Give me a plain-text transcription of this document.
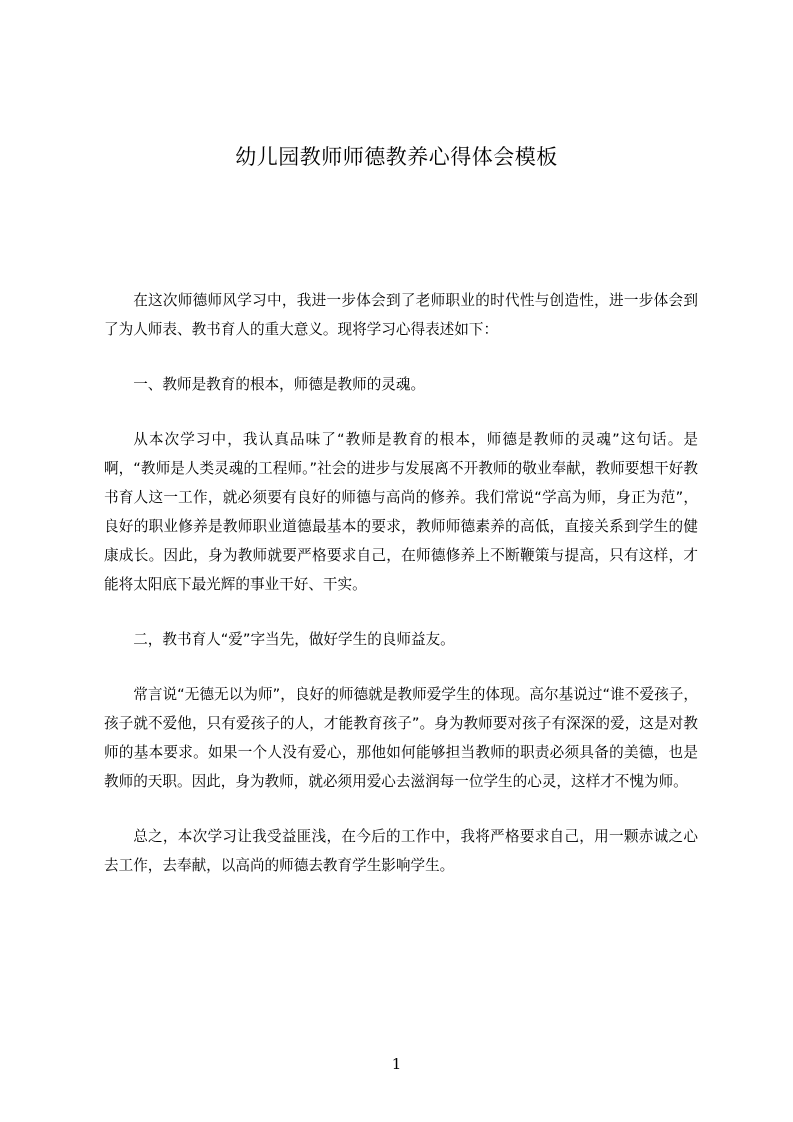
幼儿园教师师德教养心得体会模板

在这次师德师风学习中，我进一步体会到了老师职业的时代性与创造性，进一步体会到了为人师表、教书育人的重大意义。现将学习心得表述如下：

一、教师是教育的根本，师德是教师的灵魂。

从本次学习中，我认真品味了“教师是教育的根本，师德是教师的灵魂”这句话。是啊，“教师是人类灵魂的工程师。”社会的进步与发展离不开教师的敬业奉献，教师要想干好教书育人这一工作，就必须要有良好的师德与高尚的修养。我们常说“学高为师，身正为范”，良好的职业修养是教师职业道德最基本的要求，教师师德素养的高低，直接关系到学生的健康成长。因此，身为教师就要严格要求自己，在师德修养上不断鞭策与提高，只有这样，才能将太阳底下最光辉的事业干好、干实。

二，教书育人“爱”字当先，做好学生的良师益友。

常言说“无德无以为师”，良好的师德就是教师爱学生的体现。高尔基说过“谁不爱孩子，孩子就不爱他，只有爱孩子的人，才能教育孩子”。身为教师要对孩子有深深的爱，这是对教师的基本要求。如果一个人没有爱心，那他如何能够担当教师的职责必须具备的美德，也是教师的天职。因此，身为教师，就必须用爱心去滋润每一位学生的心灵，这样才不愧为师。

总之，本次学习让我受益匪浅，在今后的工作中，我将严格要求自己，用一颗赤诚之心去工作，去奉献，以高尚的师德去教育学生影响学生。

1
